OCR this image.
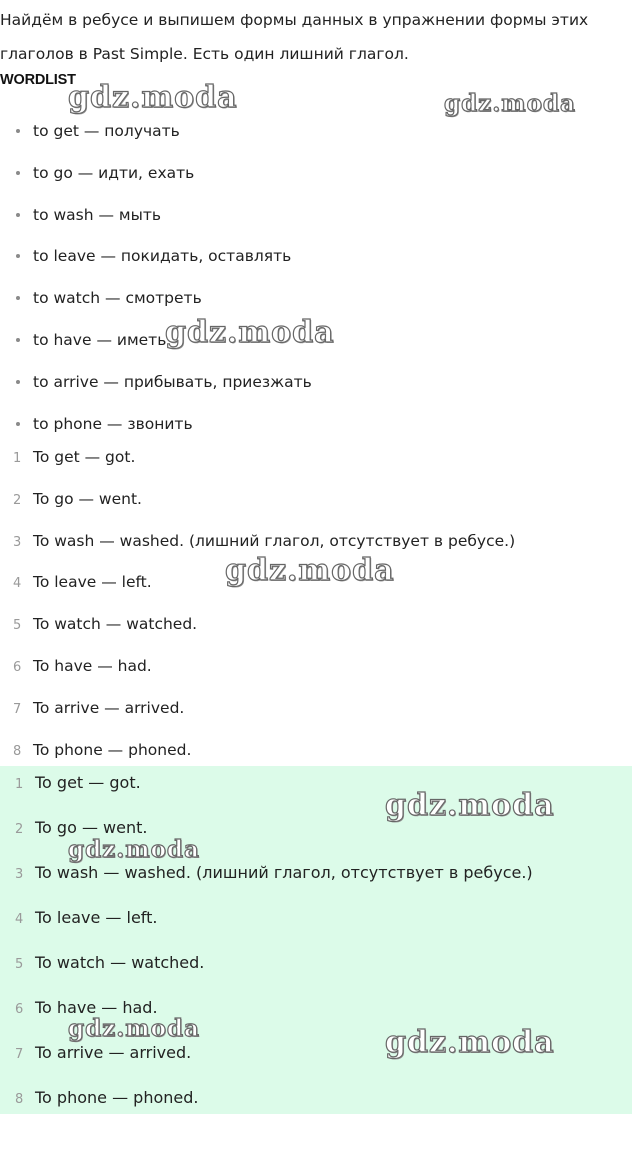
Найдём в ребусе и выпишем формы данных в упражнении формы этих глаголов в Past Simple. Есть один лишний глагол.
WORDLIST
to get — получать
to go — идти, ехать
to wash — мыть
to leave — покидать, оставлять
to watch — смотреть
to have — иметь
to arrive — прибывать, приезжать
to phone — звонить
1 To get — got.
2 To go — went.
3 To wash — washed. (лишний глагол, отсутствует в ребусе.)
4 To leave — left.
5 To watch — watched.
6 To have — had.
7 To arrive — arrived.
8 To phone — phoned.
1 To get — got.
2 To go — went.
3 To wash — washed. (лишний глагол, отсутствует в ребусе.)
4 To leave — left.
5 To watch — watched.
6 To have — had.
7 To arrive — arrived.
8 To phone — phoned.
gdz.moda	gdz.moda
gdz.moda
gdz.moda
gdz.moda
gdz.moda
gdz.moda	gdz.moda
